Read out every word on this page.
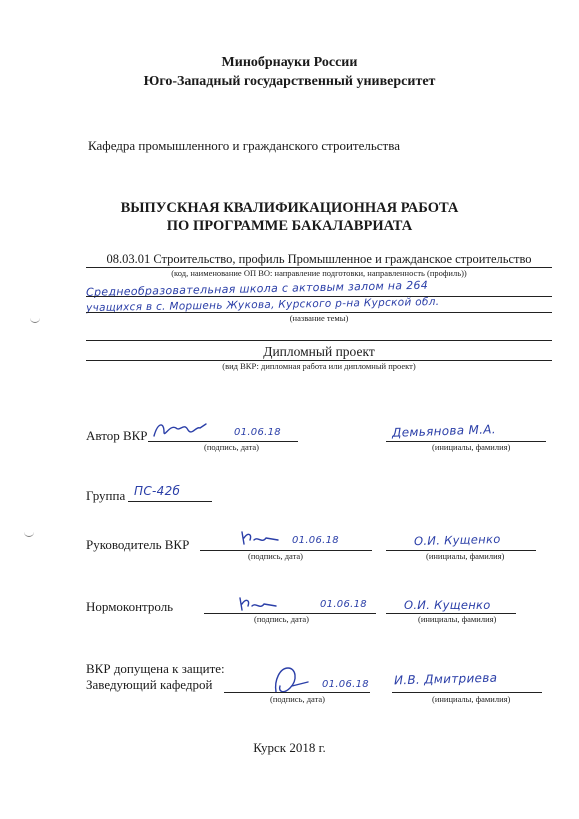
Минобрнауки России
Юго-Западный государственный университет
Кафедра промышленного и гражданского строительства
ВЫПУСКНАЯ КВАЛИФИКАЦИОННАЯ РАБОТА
ПО ПРОГРАММЕ БАКАЛАВРИАТА
08.03.01 Строительство, профиль Промышленное и гражданское строительство
(код, наименование ОП ВО: направление подготовки, направленность (профиль))
Среднеобразовательная школа с актовым залом на 264
учащихся в с. Моршень Жукова, Курского р-на Курской обл.
(название темы)
Дипломный проект
(вид ВКР: дипломная работа или дипломный проект)
Автор ВКР	01.06.18
(подпись, дата)
Демьянова М.А.
(инициалы, фамилия)
Группа ПС-42б
Руководитель ВКР	01.06.18
(подпись, дата)
О.И. Кущенко
(инициалы, фамилия)
Нормоконтроль	01.06.18
(подпись, дата)
О.И. Кущенко
(инициалы, фамилия)
ВКР допущена к защите:
Заведующий кафедрой	01.06.18
(подпись, дата)
И.В. Дмитриева
(инициалы, фамилия)
Курск 2018 г.
